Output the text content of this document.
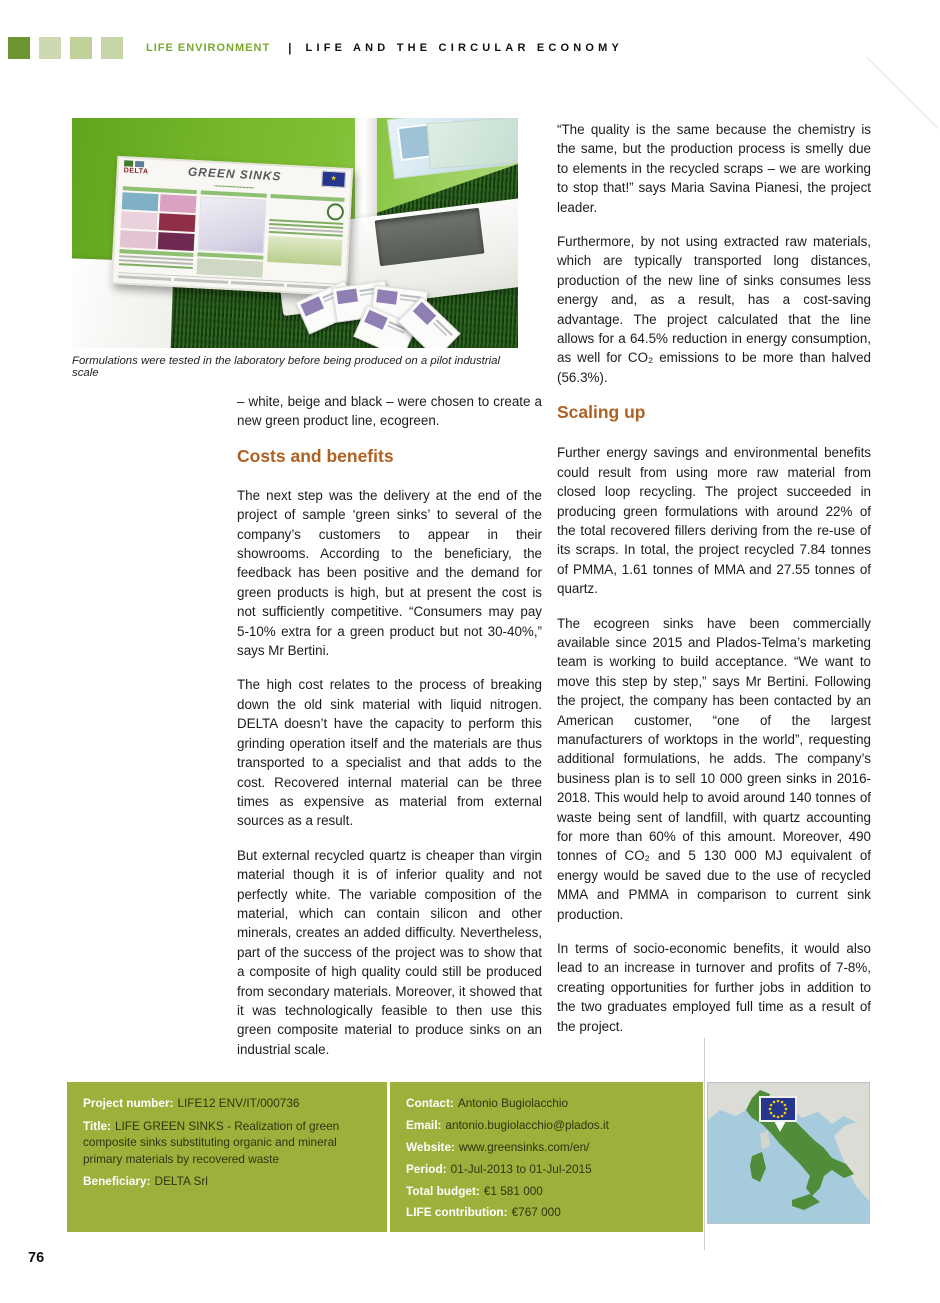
LIFE ENVIRONMENT | LIFE AND THE CIRCULAR ECONOMY
DELTA	GREEN SINKS	★
▪▪▪▪▪▪▪▪▪▪▪▪▪▪▪▪▪▪▪▪▪▪▪▪▪▪▪▪
Formulations were tested in the laboratory before being produced on a pilot industrial scale

– white, beige and black – were chosen to create a new green product line, ecogreen.

Costs and benefits

The next step was the delivery at the end of the project of sample ‘green sinks’ to several of the company’s customers to appear in their showrooms. According to the beneficiary, the feedback has been positive and the demand for green products is high, but at present the cost is not sufficiently competitive. “Consumers may pay 5-10% extra for a green product but not 30-40%,” says Mr Bertini.

The high cost relates to the process of breaking down the old sink material with liquid nitrogen. DELTA doesn’t have the capacity to perform this grinding operation itself and the materials are thus transported to a specialist and that adds to the cost. Recovered internal material can be three times as expensive as material from external sources as a result.

But external recycled quartz is cheaper than virgin material though it is of inferior quality and not perfectly white. The variable composition of the material, which can contain silicon and other minerals, creates an added difficulty. Nevertheless, part of the success of the project was to show that a composite of high quality could still be produced from secondary materials. Moreover, it showed that it was technologically feasible to then use this green composite material to produce sinks on an industrial scale.

“The quality is the same because the chemistry is the same, but the production process is smelly due to elements in the recycled scraps – we are working to stop that!” says Maria Savina Pianesi, the project leader.

Furthermore, by not using extracted raw materials, which are typically transported long distances, production of the new line of sinks consumes less energy and, as a result, has a cost-saving advantage. The project calculated that the line allows for a 64.5% reduction in energy consumption, as well for CO₂ emissions to be more than halved (56.3%).

Scaling up

Further energy savings and environmental benefits could result from using more raw material from closed loop recycling. The project succeeded in producing green formulations with around 22% of the total recovered fillers deriving from the re-use of its scraps. In total, the project recycled 7.84 tonnes of PMMA, 1.61 tonnes of MMA and 27.55 tonnes of quartz.

The ecogreen sinks have been commercially available since 2015 and Plados-Telma’s marketing team is working to build acceptance. “We want to move this step by step,” says Mr Bertini. Following the project, the company has been contacted by an American customer, “one of the largest manufacturers of worktops in the world”, requesting additional formulations, he adds. The company’s business plan is to sell 10 000 green sinks in 2016-2018. This would help to avoid around 140 tonnes of waste being sent of landfill, with quartz accounting for more than 60% of this amount. Moreover, 490 tonnes of CO₂ and 5 130 000 MJ equivalent of energy would be saved due to the use of recycled MMA and PMMA in comparison to current sink production.

In terms of socio-economic benefits, it would also lead to an increase in turnover and profits of 7-8%, creating opportunities for further jobs in addition to the two graduates employed full time as a result of the project.

Project number: LIFE12 ENV/IT/000736
Title: LIFE GREEN SINKS - Realization of green composite sinks substituting organic and mineral primary materials by recovered waste
Beneficiary: DELTA Srl
Contact: Antonio Bugiolacchio
Email: antonio.bugiolacchio@plados.it
Website: www.greensinks.com/en/
Period: 01-Jul-2013 to 01-Jul-2015
Total budget: €1 581 000
LIFE contribution: €767 000
76
